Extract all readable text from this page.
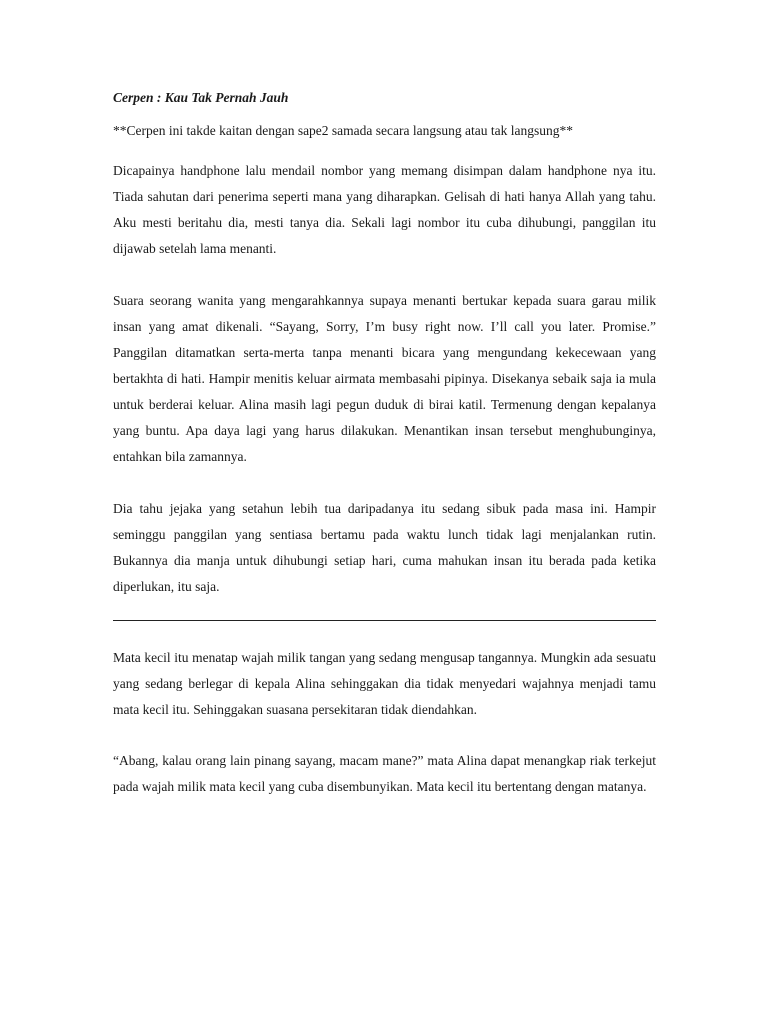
Cerpen : Kau Tak Pernah Jauh

**Cerpen ini takde kaitan dengan sape2 samada secara langsung atau tak langsung**

Dicapainya handphone lalu mendail nombor yang memang disimpan dalam handphone nya itu. Tiada sahutan dari penerima seperti mana yang diharapkan. Gelisah di hati hanya Allah yang tahu. Aku mesti beritahu dia, mesti tanya dia. Sekali lagi nombor itu cuba dihubungi, panggilan itu dijawab setelah lama menanti.

Suara seorang wanita yang mengarahkannya supaya menanti bertukar kepada suara garau milik insan yang amat dikenali. “Sayang, Sorry, I’m busy right now. I’ll call you later. Promise.” Panggilan ditamatkan serta-merta tanpa menanti bicara yang mengundang kekecewaan yang bertakhta di hati. Hampir menitis keluar airmata membasahi pipinya. Disekanya sebaik saja ia mula untuk berderai keluar. Alina masih lagi pegun duduk di birai katil. Termenung dengan kepalanya yang buntu. Apa daya lagi yang harus dilakukan. Menantikan insan tersebut menghubunginya, entahkan bila zamannya.

Dia tahu jejaka yang setahun lebih tua daripadanya itu sedang sibuk pada masa ini. Hampir seminggu panggilan yang sentiasa bertamu pada waktu lunch tidak lagi menjalankan rutin. Bukannya dia manja untuk dihubungi setiap hari, cuma mahukan insan itu berada pada ketika diperlukan, itu saja.

Mata kecil itu menatap wajah milik tangan yang sedang mengusap tangannya. Mungkin ada sesuatu yang sedang berlegar di kepala Alina sehinggakan dia tidak menyedari wajahnya menjadi tamu mata kecil itu. Sehinggakan suasana persekitaran tidak diendahkan.

“Abang, kalau orang lain pinang sayang, macam mane?” mata Alina dapat menangkap riak terkejut pada wajah milik mata kecil yang cuba disembunyikan. Mata kecil itu bertentang dengan matanya.
